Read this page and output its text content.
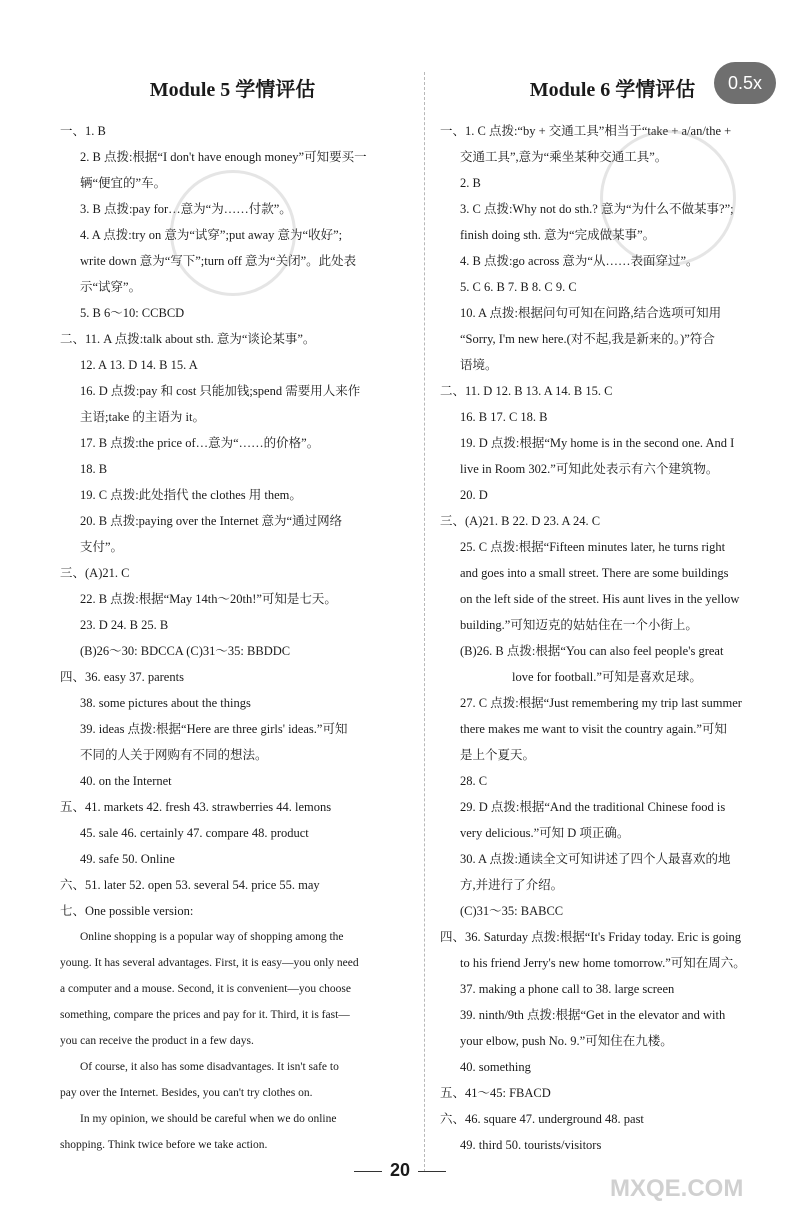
0.5x
Module 5 学情评估
一、1. B
2. B 点拨:根据“I don't have enough money”可知要买一
辆“便宜的”车。
3. B 点拨:pay for…意为“为……付款”。
4. A 点拨:try on 意为“试穿”;put away 意为“收好”;
write down 意为“写下”;turn off 意为“关闭”。此处表
示“试穿”。
5. B 6～10: CCBCD
二、11. A 点拨:talk about sth. 意为“谈论某事”。
12. A 13. D 14. B 15. A
16. D 点拨:pay 和 cost 只能加钱;spend 需要用人来作
主语;take 的主语为 it。
17. B 点拨:the price of…意为“……的价格”。
18. B
19. C 点拨:此处指代 the clothes 用 them。
20. B 点拨:paying over the Internet 意为“通过网络
支付”。
三、(A)21. C
22. B 点拨:根据“May 14th～20th!”可知是七天。
23. D 24. B 25. B
(B)26～30: BDCCA (C)31～35: BBDDC
四、36. easy 37. parents
38. some pictures about the things
39. ideas 点拨:根据“Here are three girls' ideas.”可知
不同的人关于网购有不同的想法。
40. on the Internet
五、41. markets 42. fresh 43. strawberries 44. lemons
45. sale 46. certainly 47. compare 48. product
49. safe 50. Online
六、51. later 52. open 53. several 54. price 55. may
七、One possible version:
Online shopping is a popular way of shopping among the
young. It has several advantages. First, it is easy—you only need
a computer and a mouse. Second, it is convenient—you choose
something, compare the prices and pay for it. Third, it is fast—
you can receive the product in a few days.
Of course, it also has some disadvantages. It isn't safe to
pay over the Internet. Besides, you can't try clothes on.
In my opinion, we should be careful when we do online
shopping. Think twice before we take action.
Module 6 学情评估
一、1. C 点拨:“by + 交通工具”相当于“take + a/an/the +
交通工具”,意为“乘坐某种交通工具”。
2. B
3. C 点拨:Why not do sth.? 意为“为什么不做某事?”;
finish doing sth. 意为“完成做某事”。
4. B 点拨:go across 意为“从……表面穿过”。
5. C 6. B 7. B 8. C 9. C
10. A 点拨:根据问句可知在问路,结合选项可知用
“Sorry, I'm new here.(对不起,我是新来的。)”符合
语境。
二、11. D 12. B 13. A 14. B 15. C
16. B 17. C 18. B
19. D 点拨:根据“My home is in the second one. And I
live in Room 302.”可知此处表示有六个建筑物。
20. D
三、(A)21. B 22. D 23. A 24. C
25. C 点拨:根据“Fifteen minutes later, he turns right
and goes into a small street. There are some buildings
on the left side of the street. His aunt lives in the yellow
building.”可知迈克的姑姑住在一个小街上。
(B)26. B 点拨:根据“You can also feel people's great
love for football.”可知是喜欢足球。
27. C 点拨:根据“Just remembering my trip last summer
there makes me want to visit the country again.”可知
是上个夏天。
28. C
29. D 点拨:根据“And the traditional Chinese food is
very delicious.”可知 D 项正确。
30. A 点拨:通读全文可知讲述了四个人最喜欢的地
方,并进行了介绍。
(C)31～35: BABCC
四、36. Saturday 点拨:根据“It's Friday today. Eric is going
to his friend Jerry's new home tomorrow.”可知在周六。
37. making a phone call to 38. large screen
39. ninth/9th 点拨:根据“Get in the elevator and with
your elbow, push No. 9.”可知住在九楼。
40. something
五、41～45: FBACD
六、46. square 47. underground 48. past
49. third 50. tourists/visitors
MXQE.COM
20
